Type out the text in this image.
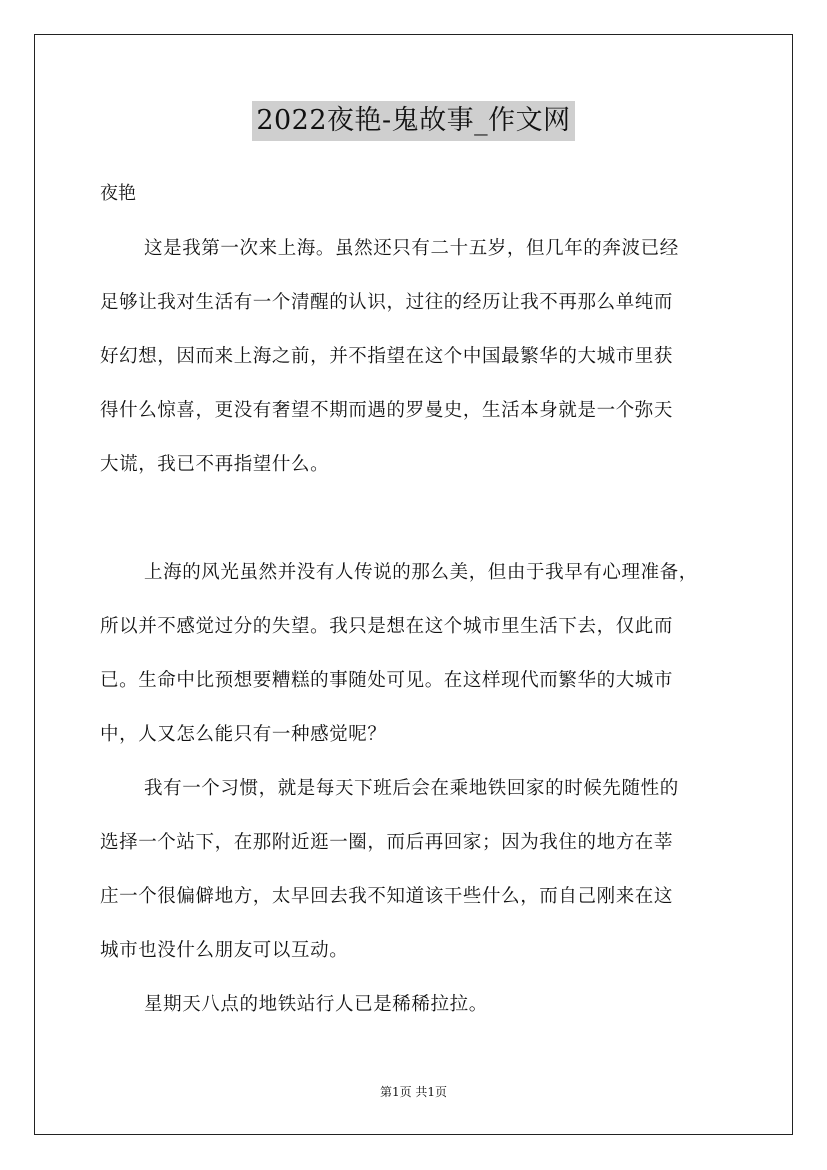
2022夜艳-鬼故事_作文网
夜艳
这是我第一次来上海。虽然还只有二十五岁，但几年的奔波已经
足够让我对生活有一个清醒的认识，过往的经历让我不再那么单纯而
好幻想，因而来上海之前，并不指望在这个中国最繁华的大城市里获
得什么惊喜，更没有奢望不期而遇的罗曼史，生活本身就是一个弥天
大谎，我已不再指望什么。
上海的风光虽然并没有人传说的那么美，但由于我早有心理准备，
所以并不感觉过分的失望。我只是想在这个城市里生活下去，仅此而
已。生命中比预想要糟糕的事随处可见。在这样现代而繁华的大城市
中，人又怎么能只有一种感觉呢？
我有一个习惯，就是每天下班后会在乘地铁回家的时候先随性的
选择一个站下，在那附近逛一圈，而后再回家；因为我住的地方在莘
庄一个很偏僻地方，太早回去我不知道该干些什么，而自己刚来在这
城市也没什么朋友可以互动。
星期天八点的地铁站行人已是稀稀拉拉。
第1页 共1页
